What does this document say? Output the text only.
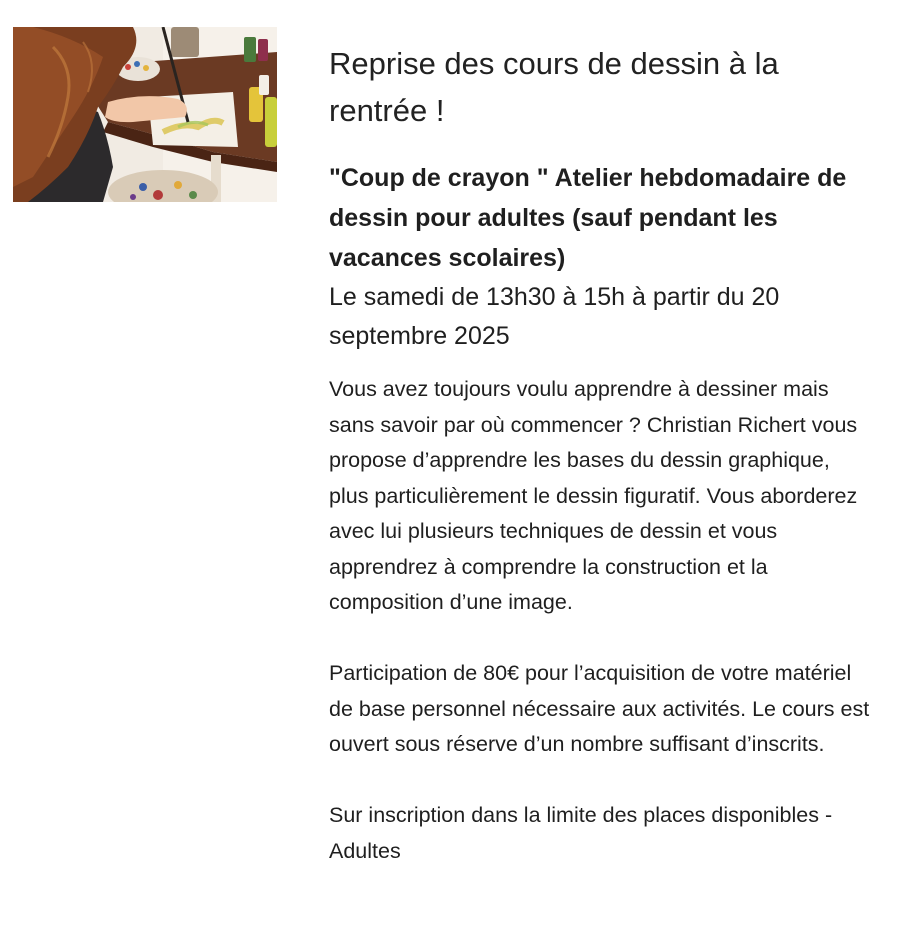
Reprise des cours de dessin à la rentrée !
"Coup de crayon " Atelier hebdomadaire de dessin pour adultes (sauf pendant les vacances scolaires)
Le samedi de 13h30 à 15h à partir du 20 septembre 2025

Vous avez toujours voulu apprendre à dessiner mais sans savoir par où commencer ? Christian Richert vous propose d’apprendre les bases du dessin graphique, plus particulièrement le dessin figuratif. Vous aborderez avec lui plusieurs techniques de dessin et vous apprendrez à comprendre la construction et la composition d’une image.

Participation de 80€ pour l’acquisition de votre matériel de base personnel nécessaire aux activités. Le cours est ouvert sous réserve d’un nombre suffisant d’inscrits.

Sur inscription dans la limite des places disponibles - Adultes
